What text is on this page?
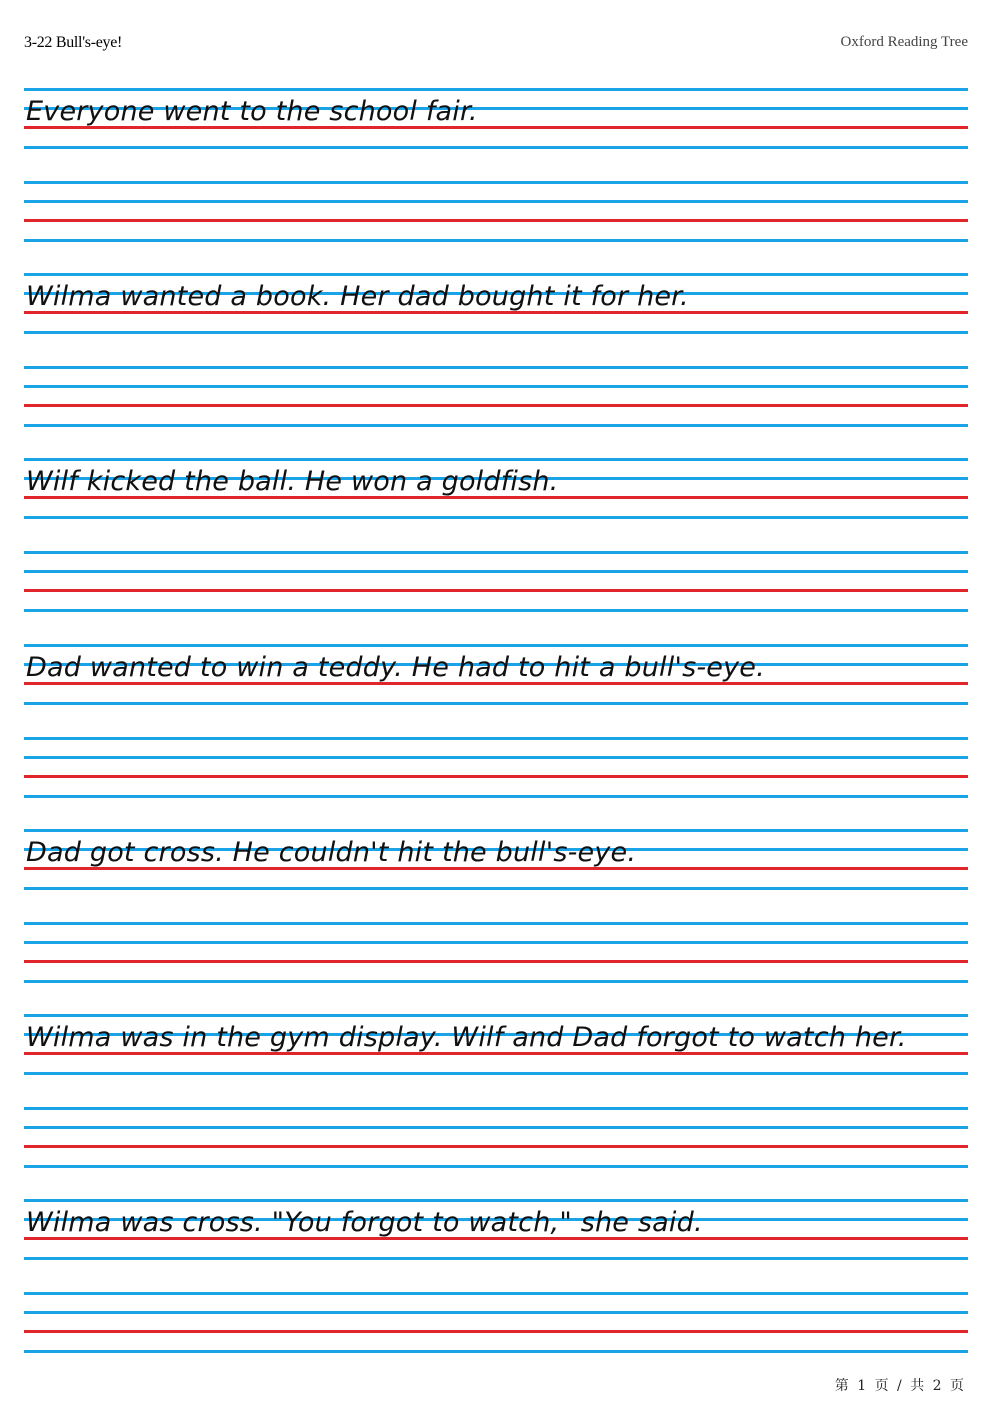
3-22 Bull's-eye!	Oxford Reading Tree
Everyone went to the school fair.
Wilma wanted a book. Her dad bought it for her.
Wilf kicked the ball. He won a goldfish.
Dad wanted to win a teddy. He had to hit a bull's-eye.
Dad got cross. He couldn't hit the bull's-eye.
Wilma was in the gym display. Wilf and Dad forgot to watch her.
Wilma was cross. "You forgot to watch," she said.
第 1 页 / 共 2 页
